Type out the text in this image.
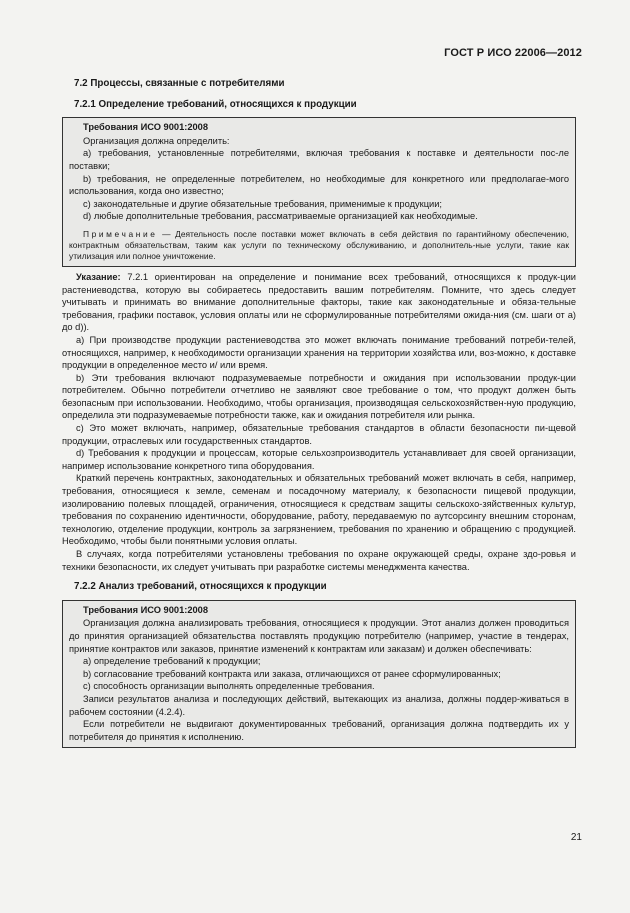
ГОСТ Р ИСО 22006—2012
7.2 Процессы, связанные с потребителями
7.2.1 Определение требований, относящихся к продукции
Требования ИСО 9001:2008
Организация должна определить:
а) требования, установленные потребителями, включая требования к поставке и деятельности пос-ле поставки;
b) требования, не определенные потребителем, но необходимые для конкретного или предполагае-мого использования, когда оно известно;
c) законодательные и другие обязательные требования, применимые к продукции;
d) любые дополнительные требования, рассматриваемые организацией как необходимые.
Примечание — Деятельность после поставки может включать в себя действия по гарантийному обеспечению, контрактным обязательствам, таким как услуги по техническому обслуживанию, и дополнитель-ные услуги, такие как утилизация или полное уничтожение.
Указание: 7.2.1 ориентирован на определение и понимание всех требований, относящихся к продук-ции растениеводства, которую вы собираетесь предоставить вашим потребителям. Помните, что здесь следует учитывать и принимать во внимание дополнительные факторы, такие как законодательные и обяза-тельные требования, графики поставок, условия оплаты или не сформулированные потребителями ожида-ния (см. шаги от а) до d)).
а) При производстве продукции растениеводства это может включать понимание требований потреби-телей, относящихся, например, к необходимости организации хранения на территории хозяйства или, воз-можно, к доставке продукции в определенное место и/ или время.
b) Эти требования включают подразумеваемые потребности и ожидания при использовании продук-ции потребителем. Обычно потребители отчетливо не заявляют свое требование о том, что продукт должен быть безопасным при использовании. Необходимо, чтобы организация, производящая сельскохозяйствен-ную продукцию, определила эти подразумеваемые потребности также, как и ожидания потребителя или рынка.
c) Это может включать, например, обязательные требования стандартов в области безопасности пи-щевой продукции, отраслевых или государственных стандартов.
d) Требования к продукции и процессам, которые сельхозпроизводитель устанавливает для своей организации, например использование конкретного типа оборудования.
Краткий перечень контрактных, законодательных и обязательных требований может включать в себя, например, требования, относящиеся к земле, семенам и посадочному материалу, к безопасности пищевой продукции, изолированию полевых площадей, ограничения, относящиеся к средствам защиты сельскохо-зяйственных культур, требования по сохранению идентичности, оборудование, работу, передаваемую по аутсорсингу внешним сторонам, технологию, отделение продукции, контроль за загрязнением, требования по хранению и обращению с продукцией. Необходимо, чтобы были понятными условия оплаты.
В случаях, когда потребителями установлены требования по охране окружающей среды, охране здо-ровья и техники безопасности, их следует учитывать при разработке системы менеджмента качества.
7.2.2 Анализ требований, относящихся к продукции
Требования ИСО 9001:2008
Организация должна анализировать требования, относящиеся к продукции. Этот анализ должен проводиться до принятия организацией обязательства поставлять продукцию потребителю (например, участие в тендерах, принятие контрактов или заказов, принятие изменений к контрактам или заказам) и должен обеспечивать:
а) определение требований к продукции;
b) согласование требований контракта или заказа, отличающихся от ранее сформулированных;
c) способность организации выполнять определенные требования.
Записи результатов анализа и последующих действий, вытекающих из анализа, должны поддер-живаться в рабочем состоянии (4.2.4).
Если потребители не выдвигают документированных требований, организация должна подтвердить их у потребителя до принятия к исполнению.
21
